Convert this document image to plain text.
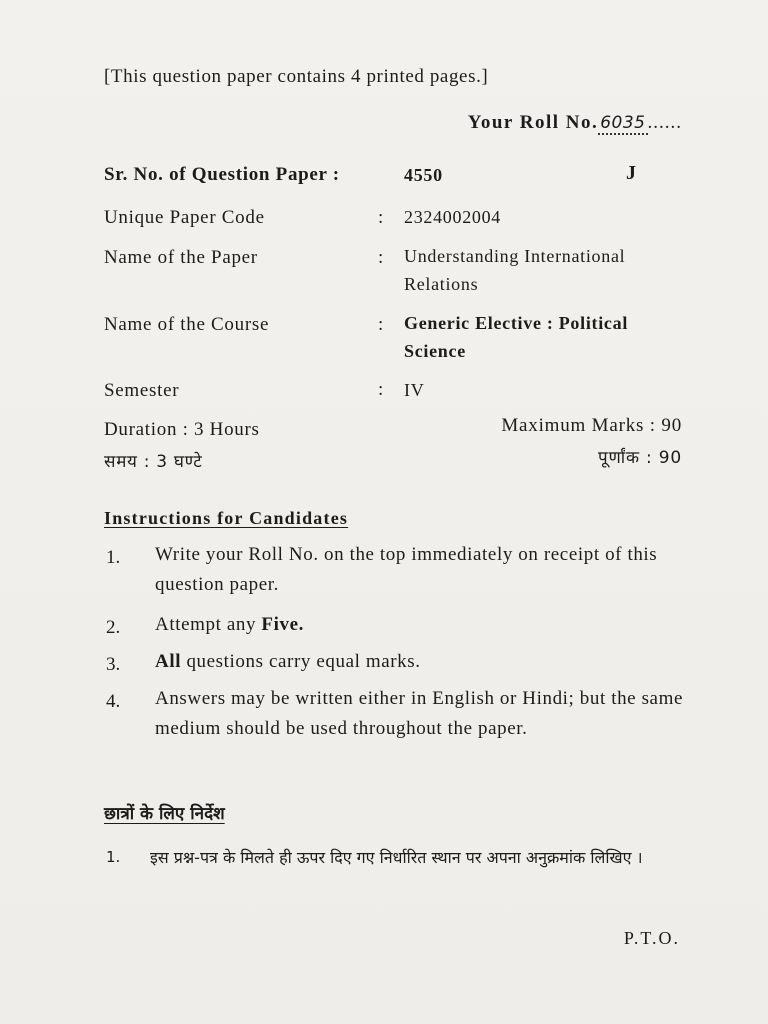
[This question paper contains 4 printed pages.]
Your Roll No. 6035 ......
Sr. No. of Question Paper :	4550	J
Unique Paper Code	: 2324002004
Name of the Paper	: Understanding International Relations
Name of the Course	: Generic Elective : Political Science
Semester	: IV
Duration : 3 Hours
समय : 3 घण्टे
Maximum Marks : 90
पूर्णांक : 90
Instructions for Candidates
1. Write your Roll No. on the top immediately on receipt of this question paper.
2. Attempt any Five.
3. All questions carry equal marks.
4. Answers may be written either in English or Hindi; but the same medium should be used throughout the paper.
छात्रों के लिए निर्देश
1. इस प्रश्न-पत्र के मिलते ही ऊपर दिए गए निर्धारित स्थान पर अपना अनुक्रमांक लिखिए ।
P.T.O.
